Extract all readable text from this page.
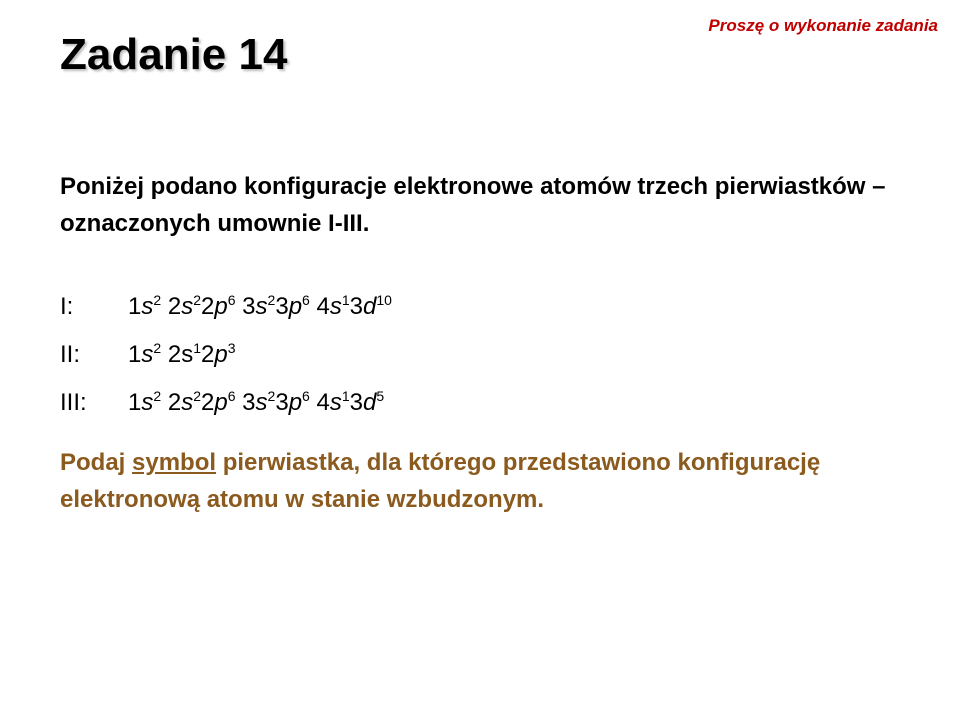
Proszę o wykonanie zadania
Zadanie 14

Poniżej podano konfiguracje elektronowe atomów trzech pierwiastków – oznaczonych umownie I-III.

I:	$1s^2$ $2s^22p^6$ $3s^23p^6$ $4s^13d^{10}$
II:	$1s^2$ $2s^12p^3$
III:	$1s^2$ $2s^22p^6$ $3s^23p^6$ $4s^13d^5$

Podaj symbol pierwiastka, dla którego przedstawiono konfigurację elektronową atomu w stanie wzbudzonym.
